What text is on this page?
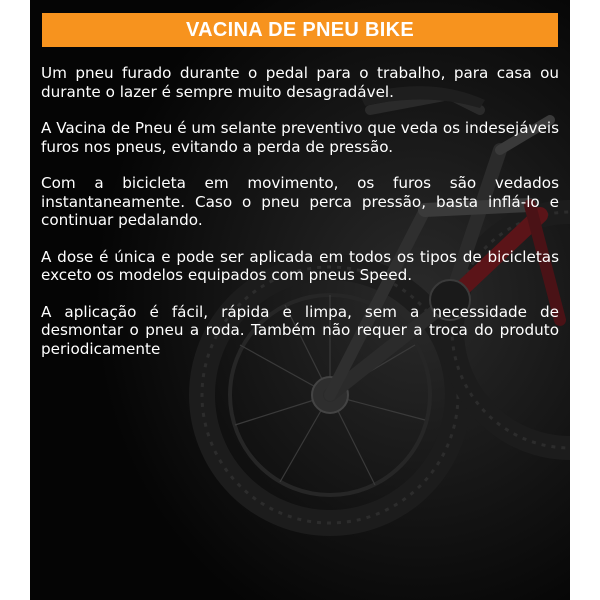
VACINA DE PNEU BIKE

Um pneu furado durante o pedal para o trabalho, para casa ou durante o lazer é sempre muito desagradável.

A Vacina de Pneu é um selante preventivo que veda os indesejáveis furos nos pneus, evitando a perda de pressão.

Com a bicicleta em movimento, os furos são vedados instantaneamente. Caso o pneu perca pressão, basta inflá-lo e continuar pedalando.

A dose é única e pode ser aplicada em todos os tipos de bicicletas exceto os modelos equipados com pneus Speed.

A aplicação é fácil, rápida e limpa, sem a necessidade de desmontar o pneu a roda. Também não requer a troca do produto periodicamente
